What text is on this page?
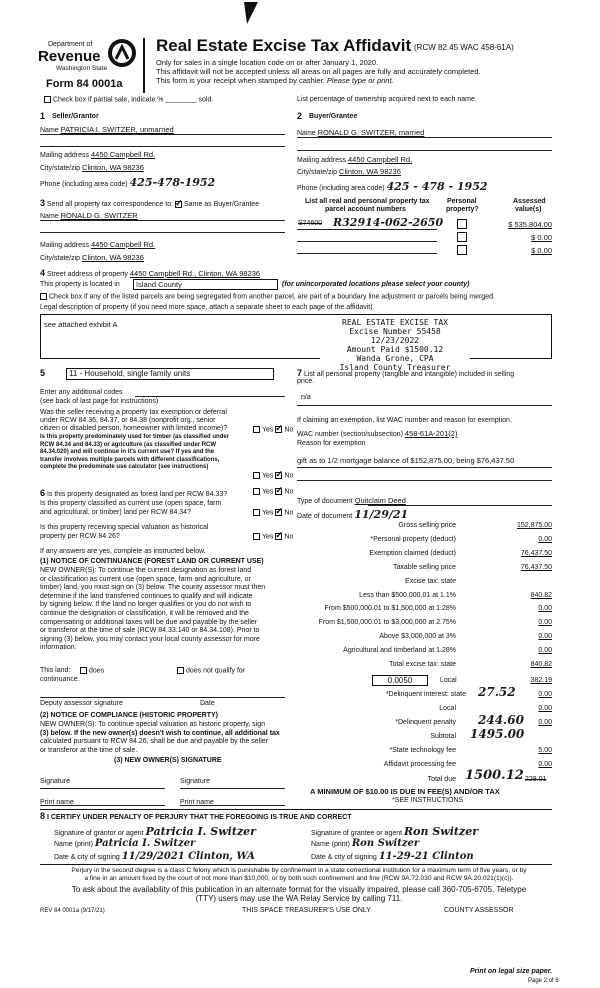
Department of
Revenue
Washington State
Form 84 0001a
Real Estate Excise Tax Affidavit (RCW 82.45 WAC 458-61A)
Only for sales in a single location code on or after January 1, 2020.
This affidavit will not be accepted unless all areas on all pages are fully and accurately completed.
This form is your receipt when stamped by cashier. Please type or print.
Check box if partial sale, indicate % ________ sold.	List percentage of ownership acquired next to each name.
1 Seller/Grantor
Name PATRICIA I. SWITZER, unmarried
Mailing address 4450 Campbell Rd.
City/state/zip Clinton, WA 98236
Phone (including area code) 425-478-1952
2 Buyer/Grantee
Name RONALD G. SWITZER, married
Mailing address 4450 Campbell Rd.
City/state/zip Clinton, WA 98236
Phone (including area code) 425 - 478 - 1952
3 Send all property tax correspondence to: ✓ Same as Buyer/Grantee
Name RONALD G. SWITZER
Mailing address 4450 Campbell Rd.
City/state/zip Clinton, WA 98236
List all real and personal property tax
parcel account numbers
Personal
property?
Assessed
value(s)
S74600 R32914-062-2650	$ 535,804.00
$ 0.00
$ 0.00
4 Street address of property 4450 Campbell Rd., Clinton, WA 98236
This property is located in	Island County	(for unincorporated locations please select your county)
Check box if any of the listed parcels are being segregated from another parcel, are part of a boundary line adjustment or parcels being merged.
Legal description of property (if you need more space, attach a separate sheet to each page of the affidavit).
see attached exhibit A	REAL ESTATE EXCISE TAX
Excise Number 55458
12/23/2022
Amount Paid $1500.12
Wanda Grone, CPA
Island County Treasurer
5	11 - Household, single family units
Enter any additional codes
(see back of last page for instructions)
Was the seller receiving a property tax exemption or deferral
under RCW 84.36, 84.37, or 84.38 (nonprofit org., senior
citizen or disabled person, homeowner with limited income)?	Yes ✓ No
Is this property predominately used for timber (as classified under
RCW 84.34 and 84.33) or agriculture (as classified under RCW
84.34.020) and will continue in it's current use? If yes and the
transfer involves multiple parcels with different classifications,
complete the predominate use calculator (see instructions)
Yes ✓ No
6 Is this property designated as forest land per RCW 84.33?	Yes ✓ No
Is this property classified as current use (open space, farm
and agricultural, or timber) land per RCW 84.34?	Yes ✓ No
Is this property receiving special valuation as historical
property per RCW 84.26?	Yes ✓ No
If any answers are yes, complete as instructed below.
(1) NOTICE OF CONTINUANCE (FOREST LAND OR CURRENT USE)
NEW OWNER(S): To continue the current designation as forest land
or classification as current use (open space, farm and agriculture, or
timber) land, you must sign on (3) below. The county assessor must then
determine if the land transferred continues to qualify and will indicate
by signing below. If the land no longer qualifies or you do not wish to
continue the designation or classification, it will be removed and the
compensating or additional taxes will be due and payable by the seller
or transferor at the time of sale (RCW 84.33.140 or 84.34.108). Prior to
signing (3) below, you may contact your local county assessor for more
information.
This land:	does	does not qualify for
continuance.
Deputy assessor signature	Date
(2) NOTICE OF COMPLIANCE (HISTORIC PROPERTY)
NEW OWNER(S): To continue special valuation as historic property, sign
(3) below. If the new owner(s) doesn't wish to continue, all additional tax
calculated pursuant to RCW 84.26, shall be due and payable by the seller
or transferor at the time of sale.
(3) NEW OWNER(S) SIGNATURE
Signature	Signature
Print name	Print name
7 List all personal property (tangible and intangible) included in selling
price.
n/a
If claiming an exemption, list WAC number and reason for exemption.
WAC number (section/subsection) 458-61A-201(2)
Reason for exemption
gift as to 1/2 mortgage balance of $152,875.00, being $76,437.50
Type of document Quitclaim Deed
Date of document 11/29/21
Gross selling price	152,875.00
*Personal property (deduct)	0.00
Exemption claimed (deduct)	76,437.50
Taxable selling price	76,437.50
Excise tax: state
Less than $500,000.01 at 1.1%	840.82
From $500,000.01 to $1,500,000 at 1.28%	0.00
From $1,500,000.01 to $3,000,000 at 2.75%	0.00
Above $3,000,000 at 3%	0.00
Agricultural and timberland at 1.28%	0.00
Total excise tax: state	840.82
0.0050	Local	382.19
*Delinquent interest: state 27.52	0.00
Local	0.00
*Delinquent penalty 244.60	0.00
Subtotal 1495.00
*State technology fee	5.00
Affidavit processing fee	0.00
Total due 1500.12 228.01
A MINIMUM OF $10.00 IS DUE IN FEE(S) AND/OR TAX
*SEE INSTRUCTIONS
8 I CERTIFY UNDER PENALTY OF PERJURY THAT THE FOREGOING IS TRUE AND CORRECT
Signature of grantor or agent Patricia I. Switzer
Name (print) Patricia I. Switzer
Date & city of signing 11/29/2021 Clinton, WA
Signature of grantee or agent Ron Switzer
Name (print) Ron Switzer
Date & city of signing 11-29-21 Clinton
Perjury in the second degree is a class C felony which is punishable by confinement in a state correctional institution for a maximum term of five years, or by
a fine in an amount fixed by the court of not more than $10,000, or by both such confinement and fine (RCW 9A.72.030 and RCW 9A.20.021(1)(c)).
To ask about the availability of this publication in an alternate format for the visually impaired, please call 360-705-6705. Teletype
(TTY) users may use the WA Relay Service by calling 711.
REV 84 0001a (9/17/21)	THIS SPACE TREASURER'S USE ONLY	COUNTY ASSESSOR
Print on legal size paper.
Page 2 of 6
